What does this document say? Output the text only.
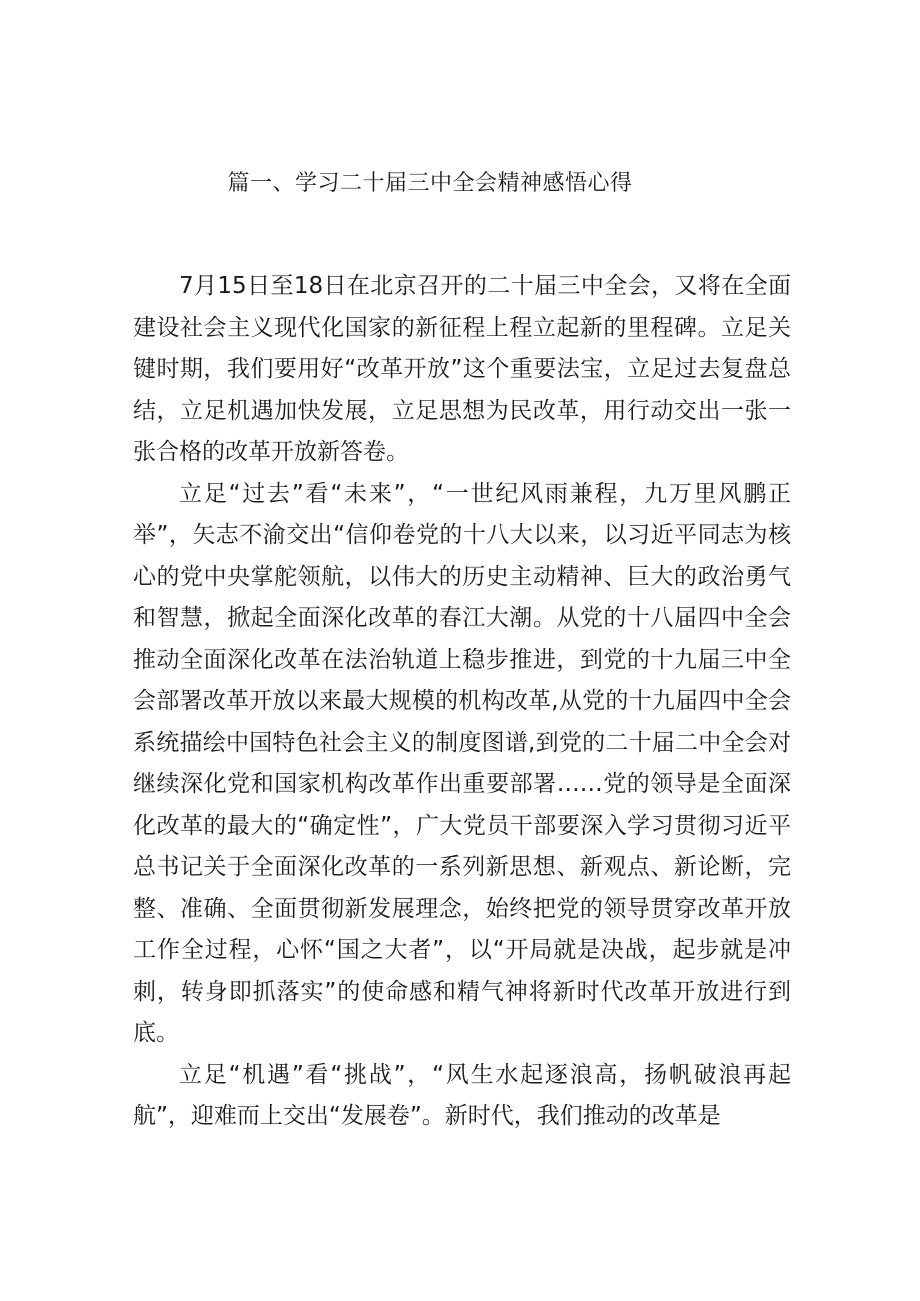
篇一、学习二十届三中全会精神感悟心得

7月15日至18日在北京召开的二十届三中全会，又将在全面建设社会主义现代化国家的新征程上程立起新的里程碑。立足关键时期，我们要用好“改革开放”这个重要法宝，立足过去复盘总结，立足机遇加快发展，立足思想为民改革，用行动交出一张一张合格的改革开放新答卷。

立足“过去”看“未来”，“一世纪风雨兼程，九万里风鹏正举”，矢志不渝交出“信仰卷党的十八大以来，以习近平同志为核心的党中央掌舵领航，以伟大的历史主动精神、巨大的政治勇气和智慧，掀起全面深化改革的春江大潮。从党的十八届四中全会推动全面深化改革在法治轨道上稳步推进，到党的十九届三中全会部署改革开放以来最大规模的机构改革,从党的十九届四中全会系统描绘中国特色社会主义的制度图谱,到党的二十届二中全会对继续深化党和国家机构改革作出重要部署……党的领导是全面深化改革的最大的“确定性”，广大党员干部要深入学习贯彻习近平总书记关于全面深化改革的一系列新思想、新观点、新论断，完整、准确、全面贯彻新发展理念，始终把党的领导贯穿改革开放工作全过程，心怀“国之大者”，以“开局就是决战，起步就是冲刺，转身即抓落实”的使命感和精气神将新时代改革开放进行到底。

立足“机遇”看“挑战”，“风生水起逐浪高，扬帆破浪再起航”，迎难而上交出“发展卷”。新时代，我们推动的改革是
